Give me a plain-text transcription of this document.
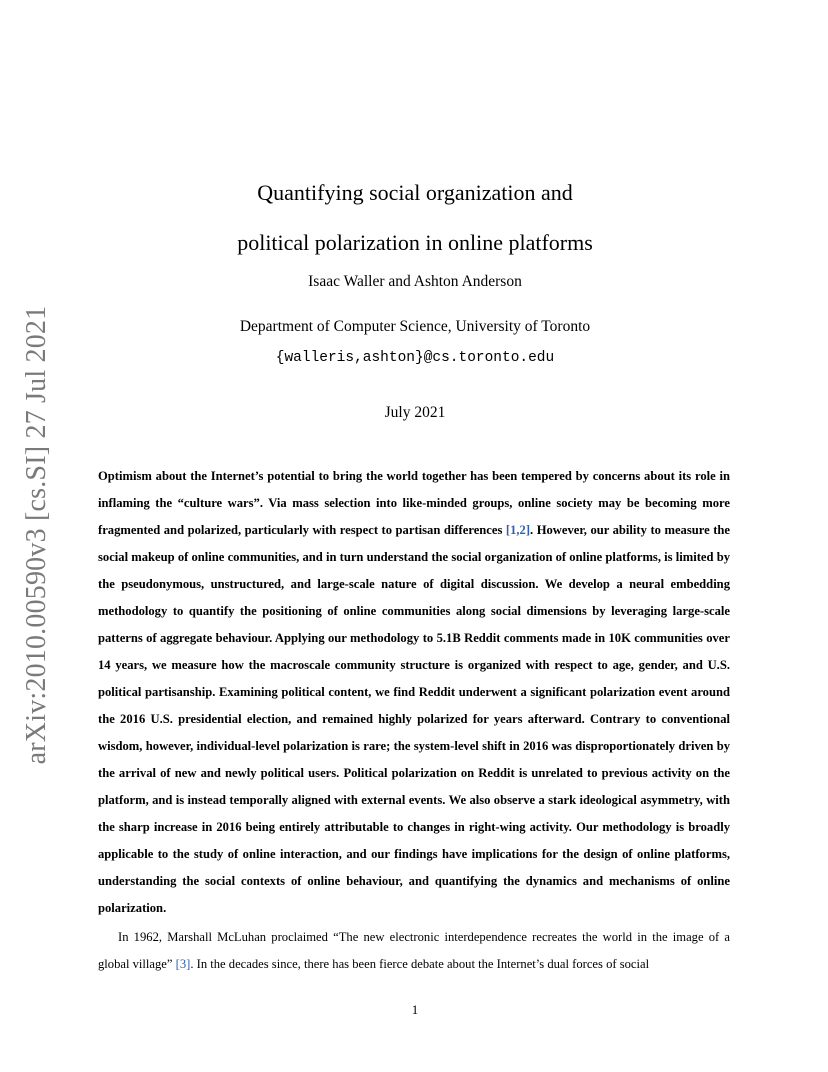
arXiv:2010.00590v3 [cs.SI] 27 Jul 2021
Quantifying social organization and
political polarization in online platforms
Isaac Waller and Ashton Anderson
Department of Computer Science, University of Toronto
{walleris,ashton}@cs.toronto.edu
July 2021
Optimism about the Internet’s potential to bring the world together has been tempered by concerns about its role in inflaming the “culture wars”. Via mass selection into like-minded groups, online society may be becoming more fragmented and polarized, particularly with respect to partisan differences [1,2]. However, our ability to measure the social makeup of online communities, and in turn understand the social organization of online platforms, is limited by the pseudonymous, unstructured, and large-scale nature of digital discussion. We develop a neural embedding methodology to quantify the positioning of online communities along social dimensions by leveraging large-scale patterns of aggregate behaviour. Applying our methodology to 5.1B Reddit comments made in 10K communities over 14 years, we measure how the macroscale community structure is organized with respect to age, gender, and U.S. political partisanship. Examining political content, we find Reddit underwent a significant polarization event around the 2016 U.S. presidential election, and remained highly polarized for years afterward. Contrary to conventional wisdom, however, individual-level polarization is rare; the system-level shift in 2016 was disproportionately driven by the arrival of new and newly political users. Political polarization on Reddit is unrelated to previous activity on the platform, and is instead temporally aligned with external events. We also observe a stark ideological asymmetry, with the sharp increase in 2016 being entirely attributable to changes in right-wing activity. Our methodology is broadly applicable to the study of online interaction, and our findings have implications for the design of online platforms, understanding the social contexts of online behaviour, and quantifying the dynamics and mechanisms of online polarization.
In 1962, Marshall McLuhan proclaimed “The new electronic interdependence recreates the world in the image of a global village” [3]. In the decades since, there has been fierce debate about the Internet’s dual forces of social
1
